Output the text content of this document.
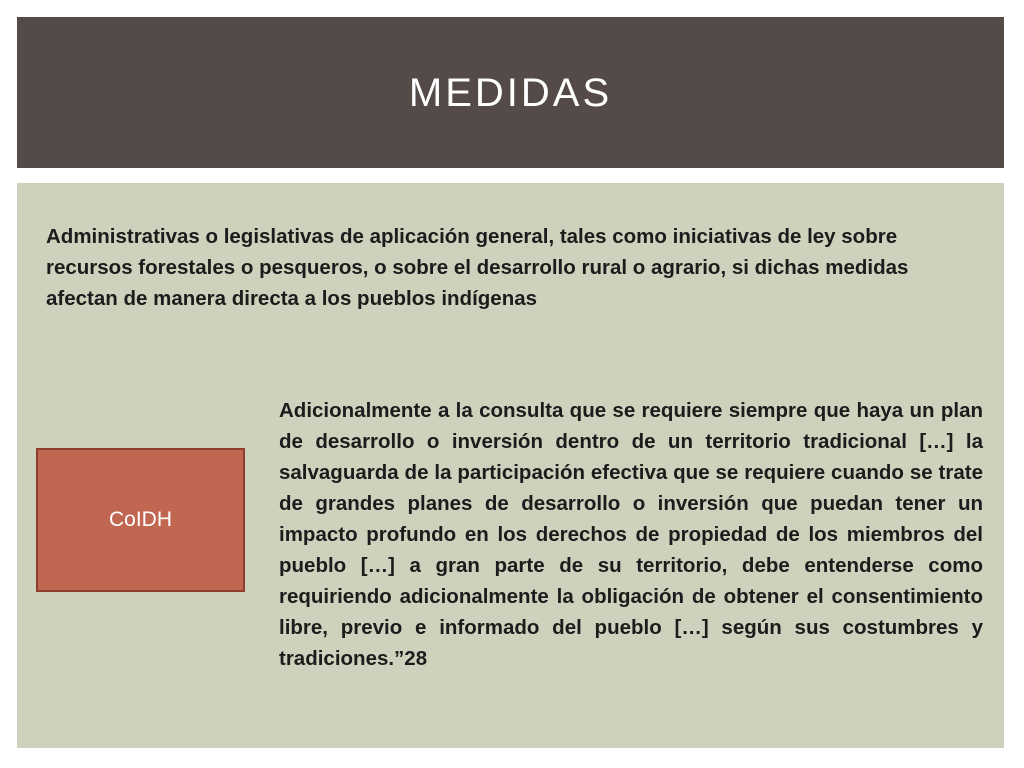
MEDIDAS

Administrativas o legislativas de aplicación general, tales como iniciativas de ley sobre recursos forestales o pesqueros, o sobre el desarrollo rural o agrario, si dichas medidas afectan de manera directa a los pueblos indígenas

CoIDH

Adicionalmente a la consulta que se requiere siempre que haya un plan de desarrollo o inversión dentro de un territorio tradicional […] la salvaguarda de la participación efectiva que se requiere cuando se trate de grandes planes de desarrollo o inversión que puedan tener un impacto profundo en los derechos de propiedad de los miembros del pueblo […] a gran parte de su territorio, debe entenderse como requiriendo adicionalmente la obligación de obtener el consentimiento libre, previo e informado del pueblo […] según sus costumbres y tradiciones.”28
